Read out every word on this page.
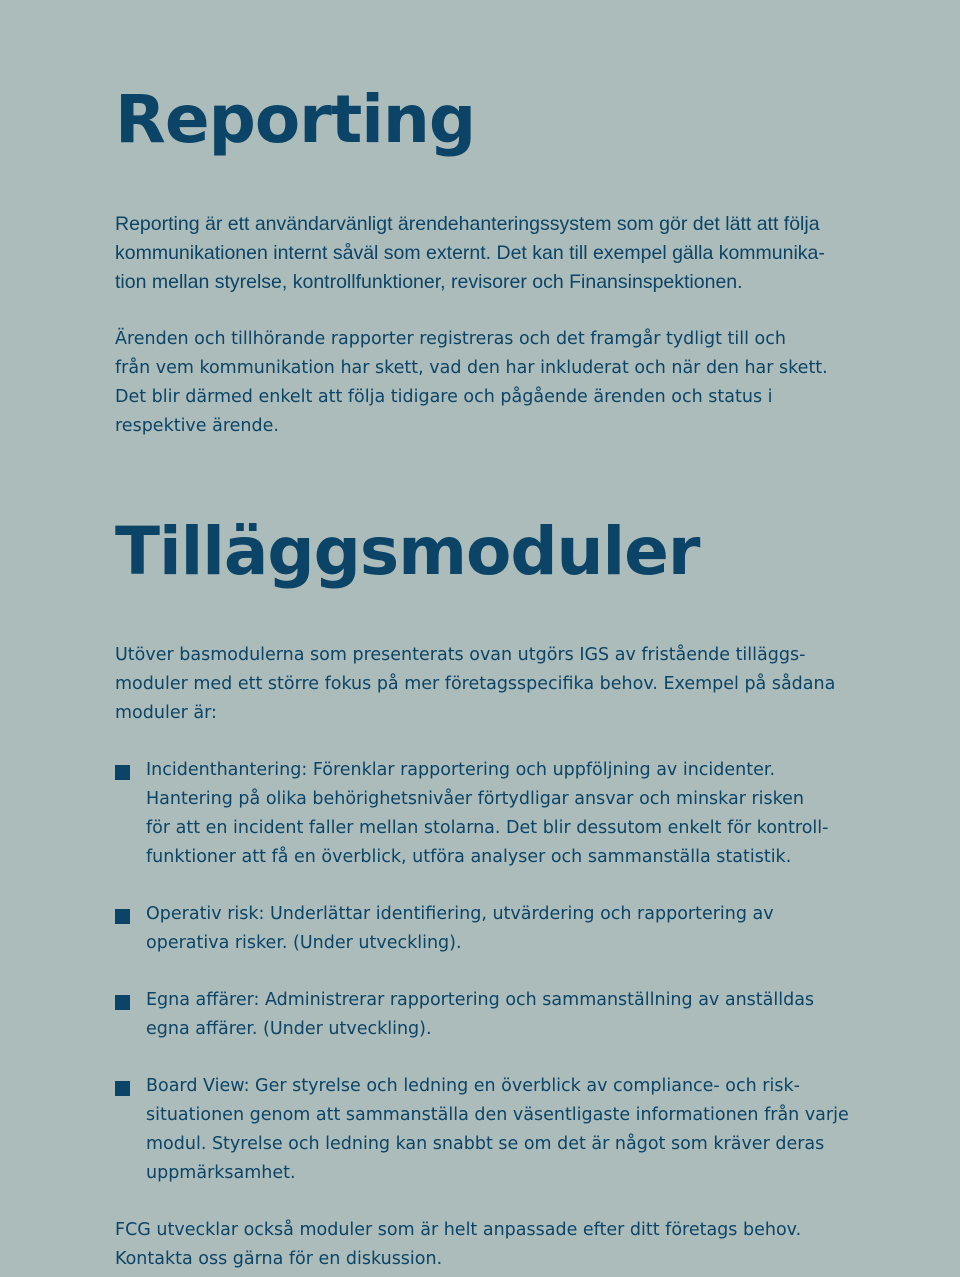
Reporting

Reporting är ett användarvänligt ärendehanteringssystem som gör det lätt att följa
kommunikationen internt såväl som externt. Det kan till exempel gälla kommunika-
tion mellan styrelse, kontrollfunktioner, revisorer och Finansinspektionen.

Ärenden och tillhörande rapporter registreras och det framgår tydligt till och
från vem kommunikation har skett, vad den har inkluderat och när den har skett.
Det blir därmed enkelt att följa tidigare och pågående ärenden och status i
respektive ärende.

Tilläggsmoduler

Utöver basmodulerna som presenterats ovan utgörs IGS av fristående tilläggs-
moduler med ett större fokus på mer företagsspecifika behov. Exempel på sådana
moduler är:

Incidenthantering: Förenklar rapportering och uppföljning av incidenter.
Hantering på olika behörighetsnivåer förtydligar ansvar och minskar risken
för att en incident faller mellan stolarna. Det blir dessutom enkelt för kontroll-
funktioner att få en överblick, utföra analyser och sammanställa statistik.

Operativ risk: Underlättar identifiering, utvärdering och rapportering av
operativa risker. (Under utveckling).

Egna affärer: Administrerar rapportering och sammanställning av anställdas
egna affärer. (Under utveckling).

Board View: Ger styrelse och ledning en överblick av compliance- och risk-
situationen genom att sammanställa den väsentligaste informationen från varje
modul. Styrelse och ledning kan snabbt se om det är något som kräver deras
uppmärksamhet.

FCG utvecklar också moduler som är helt anpassade efter ditt företags behov.
Kontakta oss gärna för en diskussion.
